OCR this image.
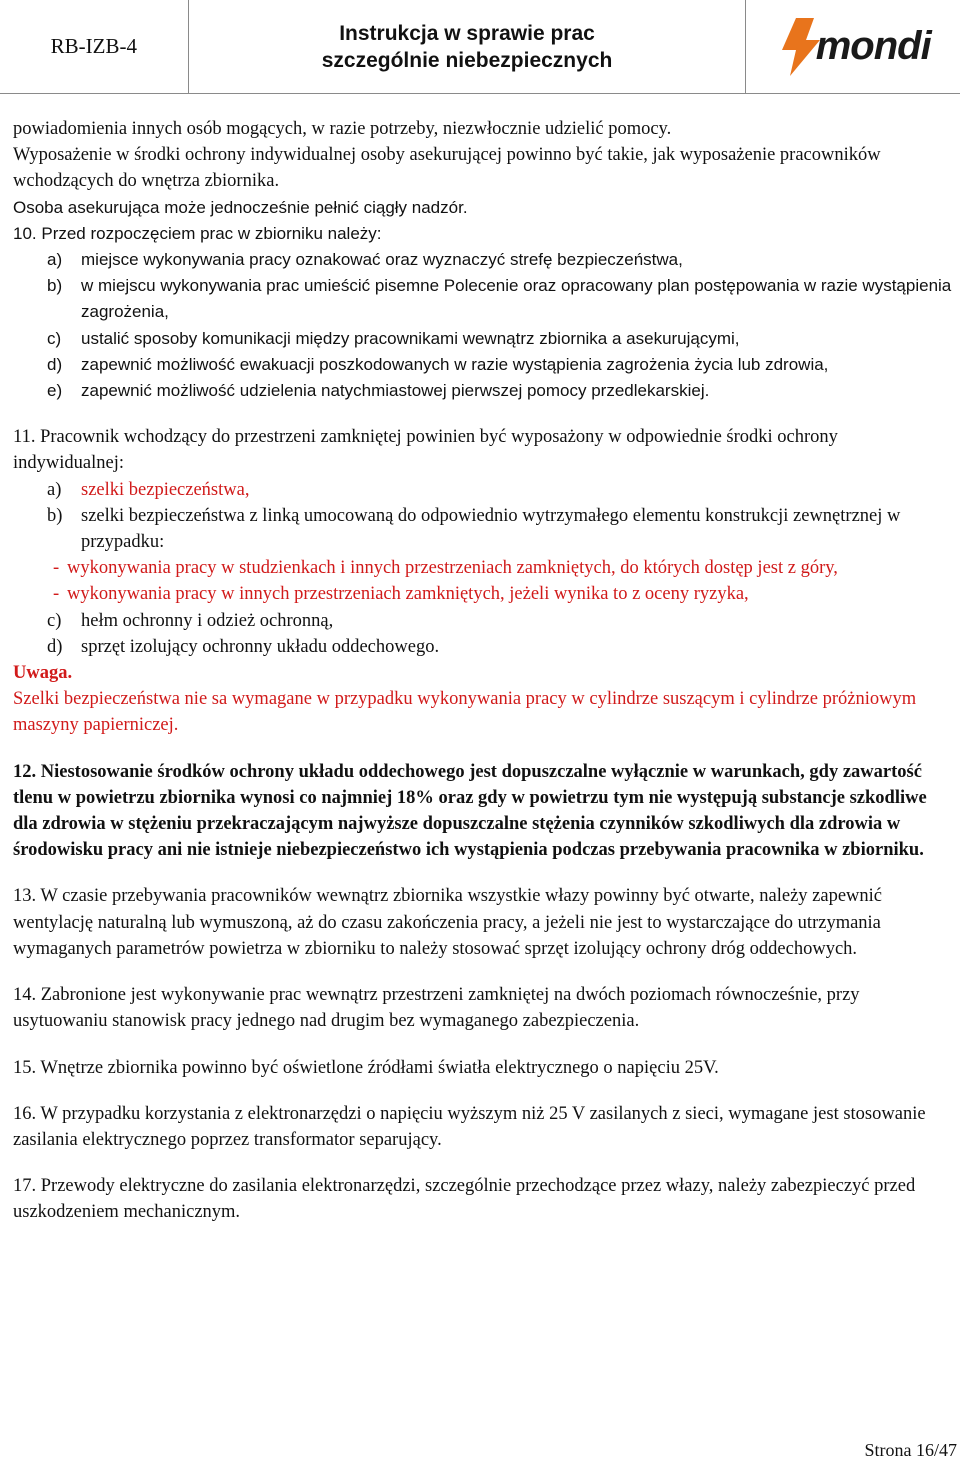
RB-IZB-4
Instrukcja w sprawie prac
szczególnie niebezpiecznych	mondi

powiadomienia innych osób mogących, w razie potrzeby, niezwłocznie udzielić pomocy.

Wyposażenie w środki ochrony indywidualnej osoby asekurującej powinno być takie, jak wyposażenie pracowników wchodzących do wnętrza zbiornika.

Osoba asekurująca może jednocześnie pełnić ciągły nadzór.

10. Przed rozpoczęciem prac w zbiorniku należy:

a)	miejsce wykonywania pracy oznakować oraz wyznaczyć strefę bezpieczeństwa,
b)	w miejscu wykonywania prac umieścić pisemne Polecenie oraz opracowany plan postępowania w razie wystąpienia zagrożenia,
c)	ustalić sposoby komunikacji między pracownikami wewnątrz zbiornika a asekurującymi,
d)	zapewnić możliwość ewakuacji poszkodowanych w razie wystąpienia zagrożenia życia lub zdrowia,
e)	zapewnić możliwość udzielenia natychmiastowej pierwszej pomocy przedlekarskiej.

11. Pracownik wchodzący do przestrzeni zamkniętej powinien być wyposażony w odpowiednie środki ochrony indywidualnej:

a)	szelki bezpieczeństwa,
b)	szelki bezpieczeństwa z linką umocowaną do odpowiednio wytrzymałego elementu konstrukcji zewnętrznej w przypadku:
- wykonywania pracy w studzienkach i innych przestrzeniach zamkniętych, do których dostęp jest z góry,
- wykonywania pracy w innych przestrzeniach zamkniętych, jeżeli wynika to z oceny ryzyka,
c)	hełm ochronny i odzież ochronną,
d)	sprzęt izolujący ochronny układu oddechowego.

Uwaga.

Szelki bezpieczeństwa nie sa wymagane w przypadku wykonywania pracy w cylindrze suszącym i cylindrze próżniowym maszyny papierniczej.

12. Niestosowanie środków ochrony układu oddechowego jest dopuszczalne wyłącznie w warunkach, gdy zawartość tlenu w powietrzu zbiornika wynosi co najmniej 18% oraz gdy w powietrzu tym nie występują substancje szkodliwe dla zdrowia w stężeniu przekraczającym najwyższe dopuszczalne stężenia czynników szkodliwych dla zdrowia w środowisku pracy ani nie istnieje niebezpieczeństwo ich wystąpienia podczas przebywania pracownika w zbiorniku.

13. W czasie przebywania pracowników wewnątrz zbiornika wszystkie włazy powinny być otwarte, należy zapewnić wentylację naturalną lub wymuszoną, aż do czasu zakończenia pracy, a jeżeli nie jest to wystarczające do utrzymania wymaganych parametrów powietrza w zbiorniku to należy stosować sprzęt izolujący ochrony dróg oddechowych.

14. Zabronione jest wykonywanie prac wewnątrz przestrzeni zamkniętej na dwóch poziomach równocześnie, przy usytuowaniu stanowisk pracy jednego nad drugim bez wymaganego zabezpieczenia.

15. Wnętrze zbiornika powinno być oświetlone źródłami światła elektrycznego o napięciu 25V.

16. W przypadku korzystania z elektronarzędzi o napięciu wyższym niż 25 V zasilanych z sieci, wymagane jest stosowanie zasilania elektrycznego poprzez transformator separujący.

17. Przewody elektryczne do zasilania elektronarzędzi, szczególnie przechodzące przez włazy, należy zabezpieczyć przed uszkodzeniem mechanicznym.

Strona 16/47
